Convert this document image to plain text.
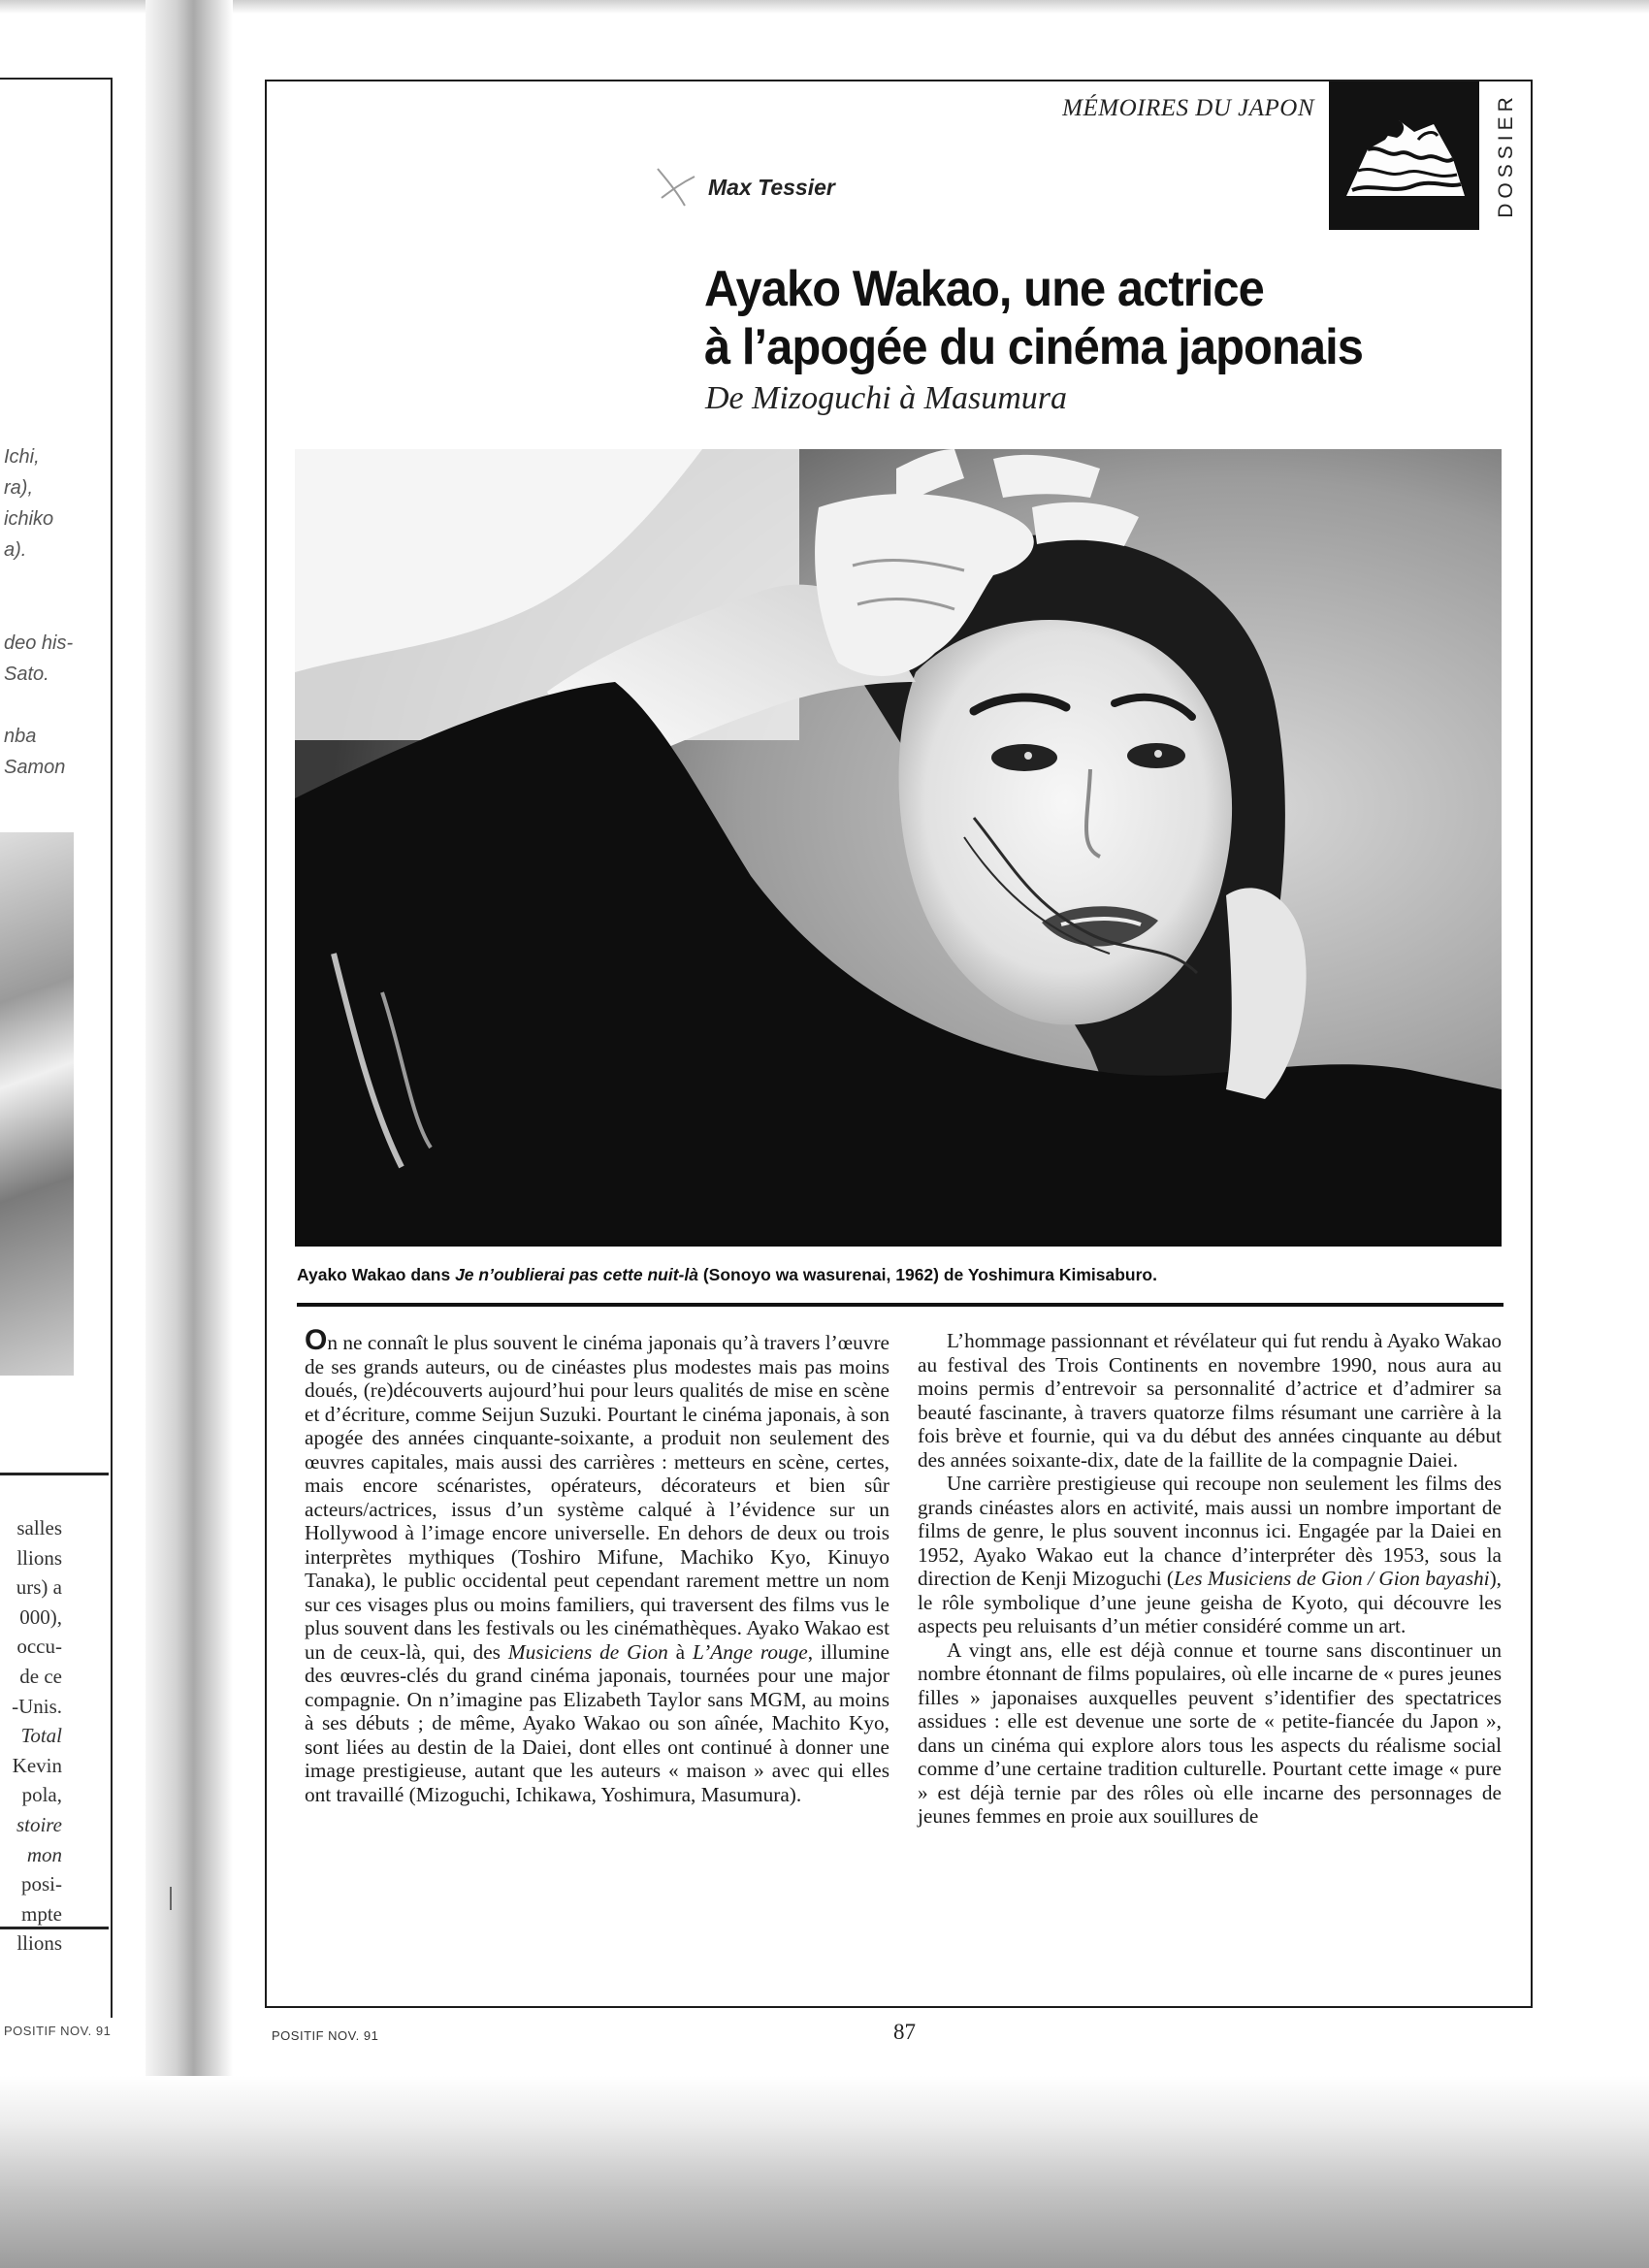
Ichi,
ra),
ichiko
a).
deo his-
Sato.
nba
Samon
salles
llions
urs) a
000),
occu-
de ce
-Unis.
Total
Kevin
pola,
stoire
mon
posi-
mpte
llions
POSITIF NOV. 91
MÉMOIRES DU JAPON	DOSSIER
Max Tessier
Ayako Wakao, une actrice
à l’apogée du cinéma japonais
De Mizoguchi à Masumura
Ayako Wakao dans Je n’oublierai pas cette nuit-là (Sonoyo wa wasurenai, 1962) de Yoshimura Kimisaburo.

On ne connaît le plus souvent le cinéma japonais qu’à travers l’œuvre de ses grands auteurs, ou de cinéastes plus modestes mais pas moins doués, (re)découverts aujourd’hui pour leurs qualités de mise en scène et d’écriture, comme Seijun Suzuki. Pourtant le cinéma japonais, à son apogée des années cinquante-soixante, a produit non seulement des œuvres capitales, mais aussi des carrières : metteurs en scène, certes, mais encore scénaristes, opérateurs, décorateurs et bien sûr acteurs/actrices, issus d’un système calqué à l’évidence sur un Hollywood à l’image encore universelle. En dehors de deux ou trois interprètes mythiques (Toshiro Mifune, Machiko Kyo, Kinuyo Tanaka), le public occidental peut cependant rarement mettre un nom sur ces visages plus ou moins familiers, qui traversent des films vus le plus souvent dans les festivals ou les cinémathèques. Ayako Wakao est un de ceux-là, qui, des Musiciens de Gion à L’Ange rouge, illumine des œuvres-clés du grand cinéma japonais, tournées pour une major compagnie. On n’imagine pas Elizabeth Taylor sans MGM, au moins à ses débuts ; de même, Ayako Wakao ou son aînée, Machito Kyo, sont liées au destin de la Daiei, dont elles ont continué à donner une image prestigieuse, autant que les auteurs « maison » avec qui elles ont travaillé (Mizoguchi, Ichikawa, Yoshimura, Masumura).

L’hommage passionnant et révélateur qui fut rendu à Ayako Wakao au festival des Trois Continents en novembre 1990, nous aura au moins permis d’entrevoir sa personnalité d’actrice et d’admirer sa beauté fascinante, à travers quatorze films résumant une carrière à la fois brève et fournie, qui va du début des années cinquante au début des années soixante-dix, date de la faillite de la compagnie Daiei.

Une carrière prestigieuse qui recoupe non seulement les films des grands cinéastes alors en activité, mais aussi un nombre important de films de genre, le plus souvent inconnus ici. Engagée par la Daiei en 1952, Ayako Wakao eut la chance d’interpréter dès 1953, sous la direction de Kenji Mizoguchi (Les Musiciens de Gion / Gion bayashi), le rôle symbolique d’une jeune geisha de Kyoto, qui découvre les aspects peu reluisants d’un métier considéré comme un art.

A vingt ans, elle est déjà connue et tourne sans discontinuer un nombre étonnant de films populaires, où elle incarne de « pures jeunes filles » japonaises auxquelles peuvent s’identifier des spectatrices assidues : elle est devenue une sorte de « petite-fiancée du Japon », dans un cinéma qui explore alors tous les aspects du réalisme social comme d’une certaine tradition culturelle. Pourtant cette image « pure » est déjà ternie par des rôles où elle incarne des personnages de jeunes femmes en proie aux souillures de

POSITIF NOV. 91	87
